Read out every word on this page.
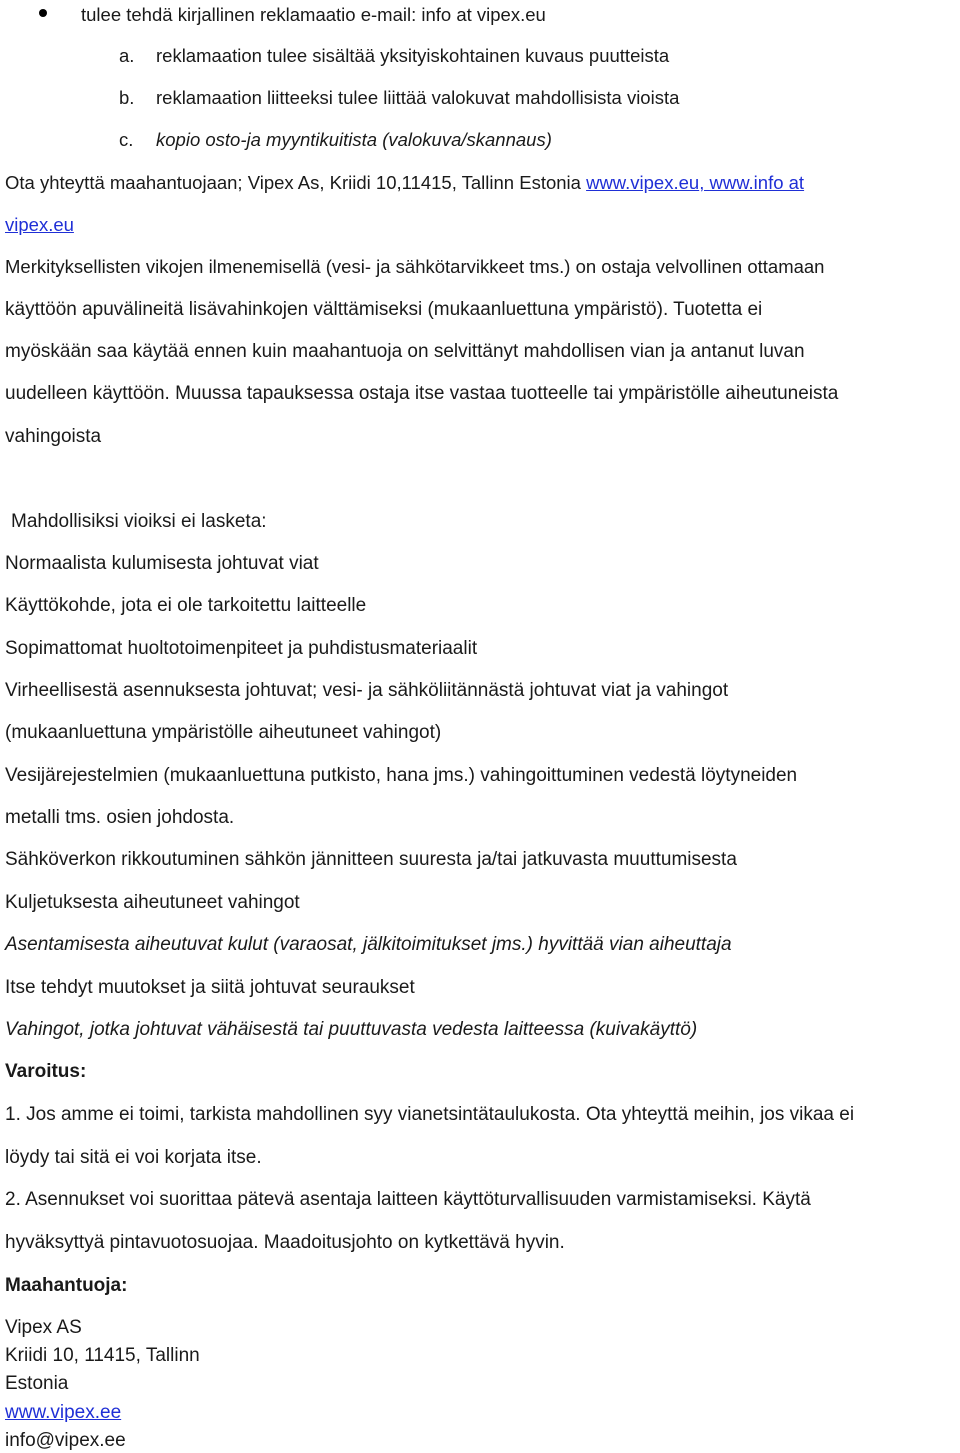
tulee tehdä kirjallinen reklamaatio e-mail: info at vipex.eu
a. reklamaation tulee sisältää yksityiskohtainen kuvaus puutteista
b. reklamaation liitteeksi tulee liittää valokuvat mahdollisista vioista
c. kopio osto-ja myyntikuitista (valokuva/skannaus)
Ota yhteyttä maahantuojaan; Vipex As, Kriidi 10,11415, Tallinn Estonia www.vipex.eu, www.info at
vipex.eu
Merkityksellisten vikojen ilmenemisellä (vesi- ja sähkötarvikkeet tms.) on ostaja velvollinen ottamaan
käyttöön apuvälineitä lisävahinkojen välttämiseksi (mukaanluettuna ympäristö). Tuotetta ei
myöskään saa käytää ennen kuin maahantuoja on selvittänyt mahdollisen vian ja antanut luvan
uudelleen käyttöön. Muussa tapauksessa ostaja itse vastaa tuotteelle tai ympäristölle aiheutuneista
vahingoista
Mahdollisiksi vioiksi ei lasketa:
Normaalista kulumisesta johtuvat viat
Käyttökohde, jota ei ole tarkoitettu laitteelle
Sopimattomat huoltotoimenpiteet ja puhdistusmateriaalit
Virheellisestä asennuksesta johtuvat; vesi- ja sähköliitännästä johtuvat viat ja vahingot
(mukaanluettuna ympäristölle aiheutuneet vahingot)
Vesijärejestelmien (mukaanluettuna putkisto, hana jms.) vahingoittuminen vedestä löytyneiden
metalli tms. osien johdosta.
Sähköverkon rikkoutuminen sähkön jännitteen suuresta ja/tai jatkuvasta muuttumisesta
Kuljetuksesta aiheutuneet vahingot
Asentamisesta aiheutuvat kulut (varaosat, jälkitoimitukset jms.) hyvittää vian aiheuttaja
Itse tehdyt muutokset ja siitä johtuvat seuraukset
Vahingot, jotka johtuvat vähäisestä tai puuttuvasta vedesta laitteessa (kuivakäyttö)
Varoitus:
1. Jos amme ei toimi, tarkista mahdollinen syy vianetsintätaulukosta. Ota yhteyttä meihin, jos vikaa ei
löydy tai sitä ei voi korjata itse.
2. Asennukset voi suorittaa pätevä asentaja laitteen käyttöturvallisuuden varmistamiseksi. Käytä
hyväksyttyä pintavuotosuojaa. Maadoitusjohto on kytkettävä hyvin.
Maahantuoja:
Vipex AS
Kriidi 10, 11415, Tallinn
Estonia
www.vipex.ee
info@vipex.ee
